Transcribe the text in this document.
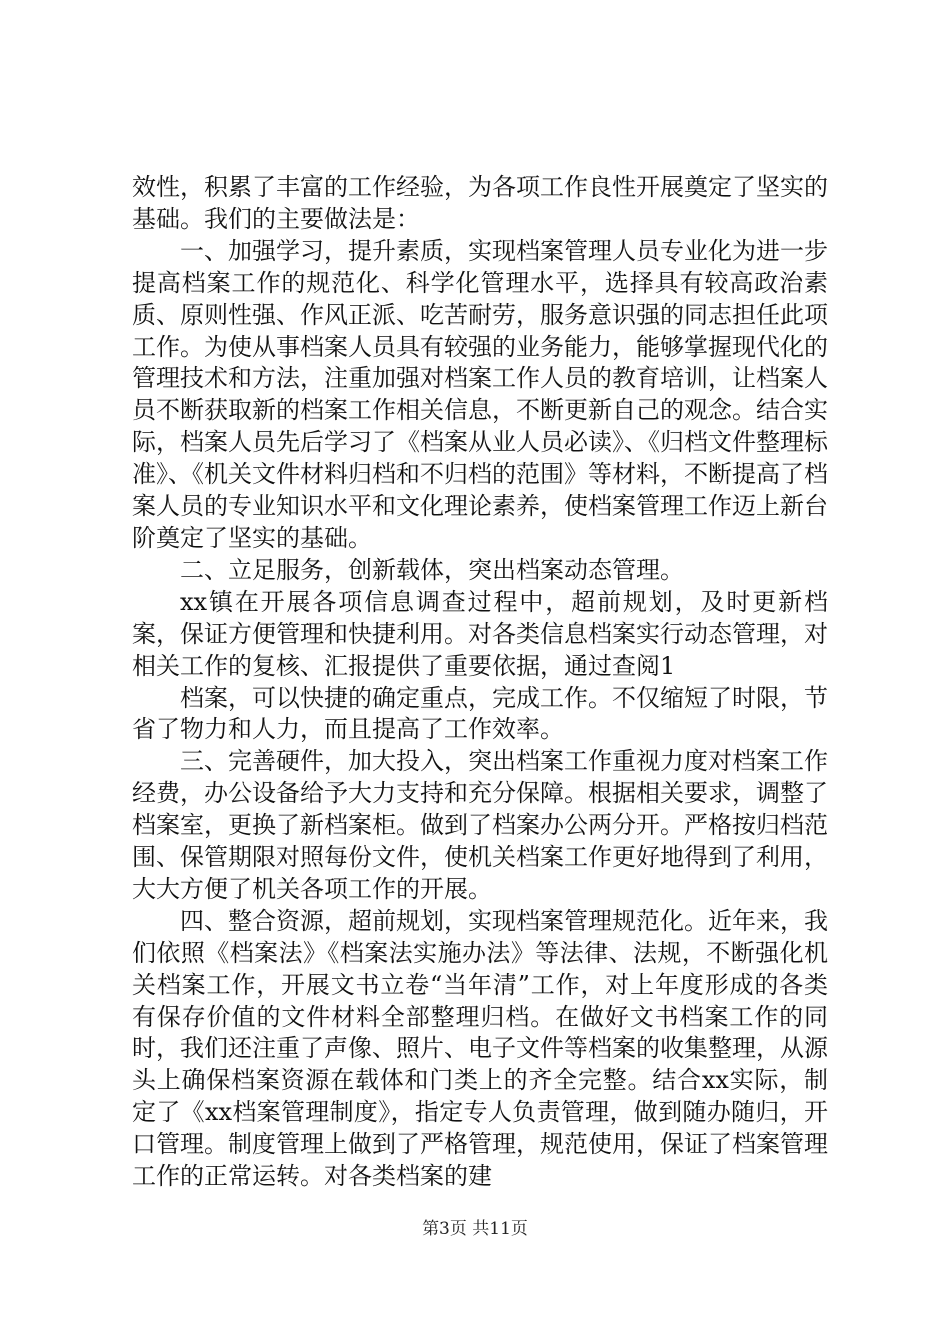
效性，积累了丰富的工作经验，为各项工作良性开展奠定了坚实的基础。我们的主要做法是：

一、加强学习，提升素质，实现档案管理人员专业化为进一步提高档案工作的规范化、科学化管理水平，选择具有较高政治素质、原则性强、作风正派、吃苦耐劳，服务意识强的同志担任此项工作。为使从事档案人员具有较强的业务能力，能够掌握现代化的管理技术和方法，注重加强对档案工作人员的教育培训，让档案人员不断获取新的档案工作相关信息，不断更新自己的观念。结合实际，档案人员先后学习了《档案从业人员必读》、《归档文件整理标准》、《机关文件材料归档和不归档的范围》等材料，不断提高了档案人员的专业知识水平和文化理论素养，使档案管理工作迈上新台阶奠定了坚实的基础。

二、立足服务，创新载体，突出档案动态管理。

xx镇在开展各项信息调查过程中，超前规划，及时更新档案，保证方便管理和快捷利用。对各类信息档案实行动态管理，对相关工作的复核、汇报提供了重要依据，通过查阅1

档案，可以快捷的确定重点，完成工作。不仅缩短了时限，节省了物力和人力，而且提高了工作效率。

三、完善硬件，加大投入，突出档案工作重视力度对档案工作经费，办公设备给予大力支持和充分保障。根据相关要求，调整了档案室，更换了新档案柜。做到了档案办公两分开。严格按归档范围、保管期限对照每份文件，使机关档案工作更好地得到了利用，大大方便了机关各项工作的开展。

四、整合资源，超前规划，实现档案管理规范化。近年来，我们依照《档案法》《档案法实施办法》等法律、法规，不断强化机关档案工作，开展文书立卷“当年清”工作，对上年度形成的各类有保存价值的文件材料全部整理归档。在做好文书档案工作的同时，我们还注重了声像、照片、电子文件等档案的收集整理，从源头上确保档案资源在载体和门类上的齐全完整。结合xx实际，制定了《xx档案管理制度》，指定专人负责管理，做到随办随归，开口管理。制度管理上做到了严格管理，规范使用，保证了档案管理工作的正常运转。对各类档案的建

第3页 共11页
